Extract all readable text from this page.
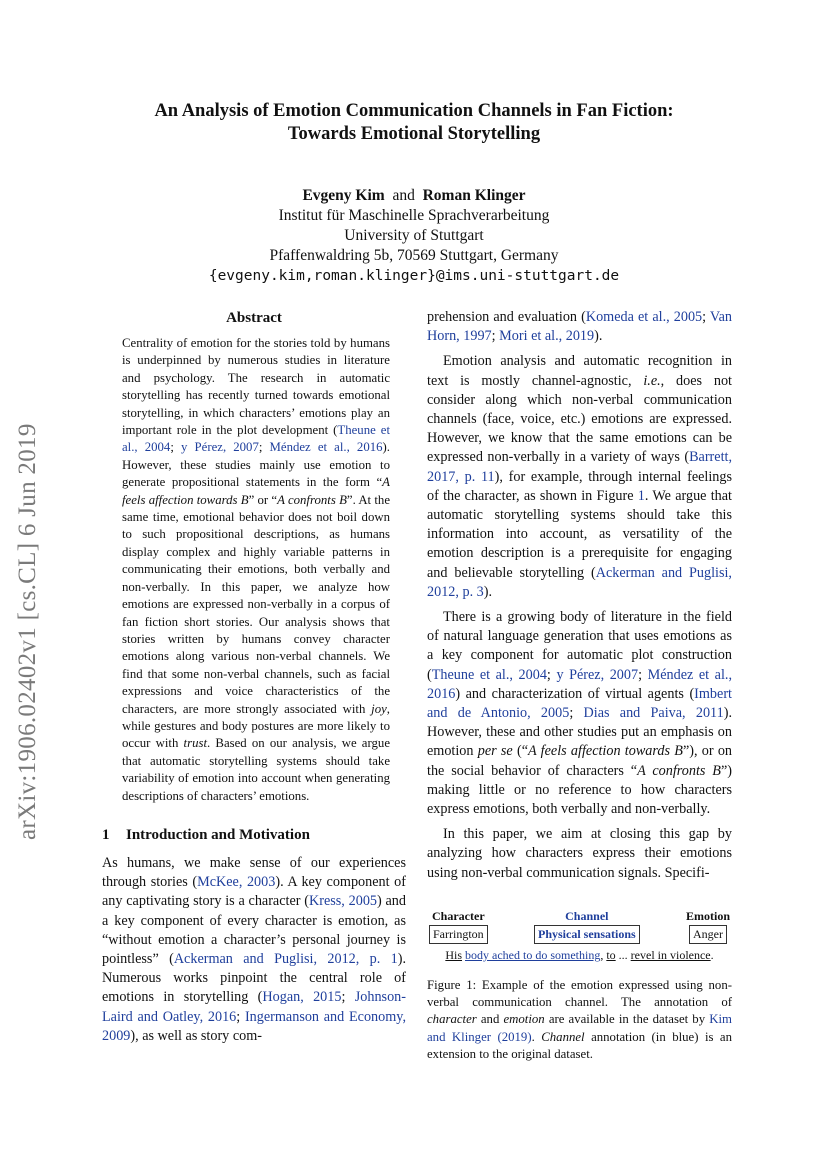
arXiv:1906.02402v1 [cs.CL] 6 Jun 2019
An Analysis of Emotion Communication Channels in Fan Fiction:
Towards Emotional Storytelling
Evgeny Kim and Roman Klinger
Institut für Maschinelle Sprachverarbeitung
University of Stuttgart
Pfaffenwaldring 5b, 70569 Stuttgart, Germany
{evgeny.kim,roman.klinger}@ims.uni-stuttgart.de
Abstract

Centrality of emotion for the stories told by humans is underpinned by numerous studies in literature and psychology. The research in automatic storytelling has recently turned towards emotional storytelling, in which characters’ emotions play an important role in the plot development (Theune et al., 2004; y Pérez, 2007; Méndez et al., 2016). However, these studies mainly use emotion to generate propositional statements in the form “A feels affection towards B” or “A confronts B”. At the same time, emotional behavior does not boil down to such propositional descriptions, as humans display complex and highly variable patterns in communicating their emotions, both verbally and non-verbally. In this paper, we analyze how emotions are expressed non-verbally in a corpus of fan fiction short stories. Our analysis shows that stories written by humans convey character emotions along various non-verbal channels. We find that some non-verbal channels, such as facial expressions and voice characteristics of the characters, are more strongly associated with joy, while gestures and body postures are more likely to occur with trust. Based on our analysis, we argue that automatic storytelling systems should take variability of emotion into account when generating descriptions of characters’ emotions.

1 Introduction and Motivation

As humans, we make sense of our experiences through stories (McKee, 2003). A key component of any captivating story is a character (Kress, 2005) and a key component of every character is emotion, as “without emotion a character’s personal journey is pointless” (Ackerman and Puglisi, 2012, p. 1). Numerous works pinpoint the central role of emotions in storytelling (Hogan, 2015; Johnson-Laird and Oatley, 2016; Ingermanson and Economy, 2009), as well as story com-

prehension and evaluation (Komeda et al., 2005; Van Horn, 1997; Mori et al., 2019).

Emotion analysis and automatic recognition in text is mostly channel-agnostic, i.e., does not consider along which non-verbal communication channels (face, voice, etc.) emotions are expressed. However, we know that the same emotions can be expressed non-verbally in a variety of ways (Barrett, 2017, p. 11), for example, through internal feelings of the character, as shown in Figure 1. We argue that automatic storytelling systems should take this information into account, as versatility of the emotion description is a prerequisite for engaging and believable storytelling (Ackerman and Puglisi, 2012, p. 3).

There is a growing body of literature in the field of natural language generation that uses emotions as a key component for automatic plot construction (Theune et al., 2004; y Pérez, 2007; Méndez et al., 2016) and characterization of virtual agents (Imbert and de Antonio, 2005; Dias and Paiva, 2011). However, these and other studies put an emphasis on emotion per se (“A feels affection towards B”), or on the social behavior of characters “A confronts B”) making little or no reference to how characters express emotions, both verbally and non-verbally.

In this paper, we aim at closing this gap by analyzing how characters express their emotions using non-verbal communication signals. Specifi-

Character
Farrington
Channel
Physical sensations
Emotion
Anger
His body ached to do something, to ... revel in violence.

Figure 1: Example of the emotion expressed using non-verbal communication channel. The annotation of character and emotion are available in the dataset by Kim and Klinger (2019). Channel annotation (in blue) is an extension to the original dataset.
